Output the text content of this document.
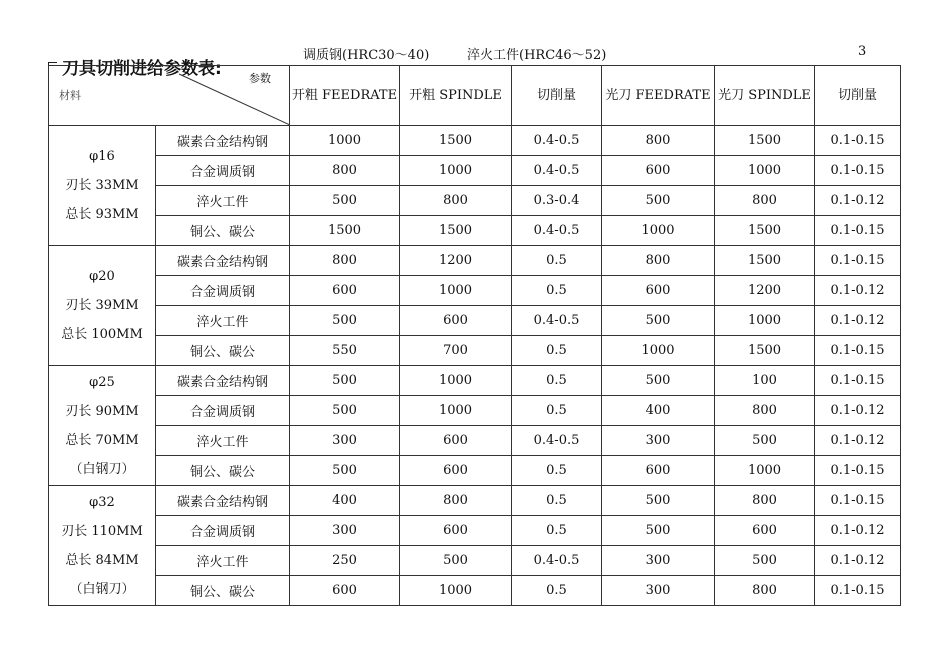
调质钢(HRC30～40)	淬火工件(HRC46～52)	3
刀具切削进给参数表: 参数
材料		开粗 FEEDRATE	开粗 SPINDLE	切削量	光刀 FEEDRATE	光刀 SPINDLE	切削量

φ16
刃长 33MM
总长 93MM	碳素合金结构钢	1000	1500	0.4-0.5	800	1500	0.1-0.15
	合金调质钢	800	1000	0.4-0.5	600	1000	0.1-0.15
	淬火工件	500	800	0.3-0.4	500	800	0.1-0.12
	铜公、碳公	1500	1500	0.4-0.5	1000	1500	0.1-0.15

φ20
刃长 39MM
总长 100MM	碳素合金结构钢	800	1200	0.5	800	1500	0.1-0.15
	合金调质钢	600	1000	0.5	600	1200	0.1-0.12
	淬火工件	500	600	0.4-0.5	500	1000	0.1-0.12
	铜公、碳公	550	700	0.5	1000	1500	0.1-0.15

φ25
刃长 90MM
总长 70MM
（白钢刀）	碳素合金结构钢	500	1000	0.5	500	100	0.1-0.15
	合金调质钢	500	1000	0.5	400	800	0.1-0.12
	淬火工件	300	600	0.4-0.5	300	500	0.1-0.12
	铜公、碳公	500	600	0.5	600	1000	0.1-0.15

φ32
刃长 110MM
总长 84MM
（白钢刀）	碳素合金结构钢	400	800	0.5	500	800	0.1-0.15
	合金调质钢	300	600	0.5	500	600	0.1-0.12
	淬火工件	250	500	0.4-0.5	300	500	0.1-0.12
	铜公、碳公	600	1000	0.5	300	800	0.1-0.15
